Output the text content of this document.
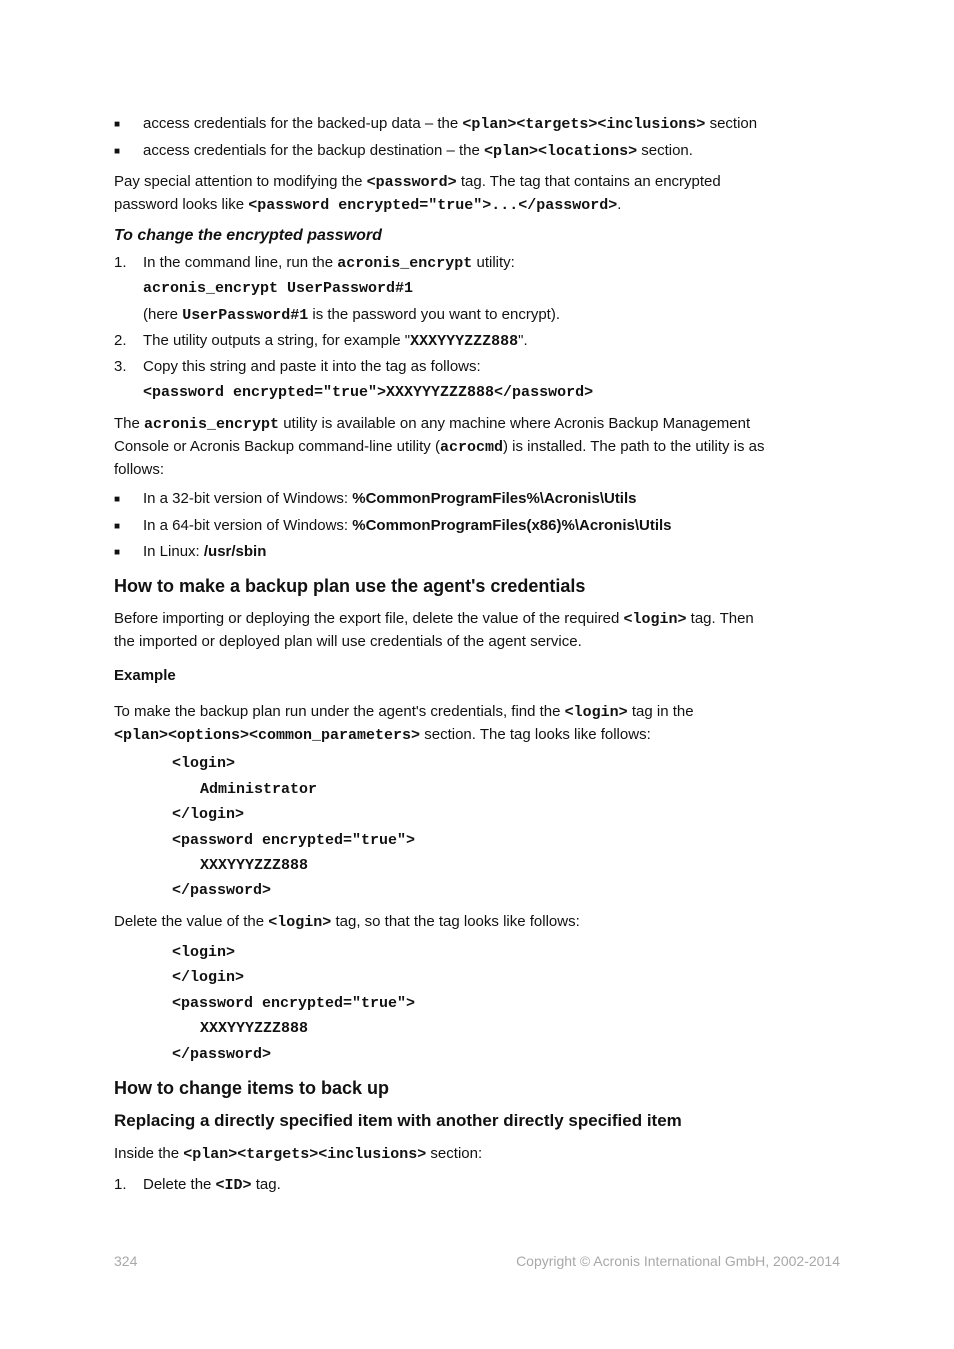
■ access credentials for the backed-up data – the <plan><targets><inclusions> section
■ access credentials for the backup destination – the <plan><locations> section.
Pay special attention to modifying the <password> tag. The tag that contains an encrypted
password looks like <password encrypted="true">...</password>.
To change the encrypted password
1. In the command line, run the acronis_encrypt utility:
acronis_encrypt UserPassword#1
(here UserPassword#1 is the password you want to encrypt).
2. The utility outputs a string, for example "XXXYYYZZZ888".
3. Copy this string and paste it into the tag as follows:
<password encrypted="true">XXXYYYZZZ888</password>
The acronis_encrypt utility is available on any machine where Acronis Backup Management
Console or Acronis Backup command-line utility (acrocmd) is installed. The path to the utility is as
follows:
■ In a 32-bit version of Windows: %CommonProgramFiles%\Acronis\Utils
■ In a 64-bit version of Windows: %CommonProgramFiles(x86)%\Acronis\Utils
■ In Linux: /usr/sbin
How to make a backup plan use the agent's credentials
Before importing or deploying the export file, delete the value of the required <login> tag. Then
the imported or deployed plan will use credentials of the agent service.
Example
To make the backup plan run under the agent's credentials, find the <login> tag in the
<plan><options><common_parameters> section. The tag looks like follows:
<login>
Administrator
</login>
<password encrypted="true">
XXXYYYZZZ888
</password>
Delete the value of the <login> tag, so that the tag looks like follows:
<login>
</login>
<password encrypted="true">
XXXYYYZZZ888
</password>
How to change items to back up
Replacing a directly specified item with another directly specified item
Inside the <plan><targets><inclusions> section:
1. Delete the <ID> tag.
324	Copyright © Acronis International GmbH, 2002-2014
